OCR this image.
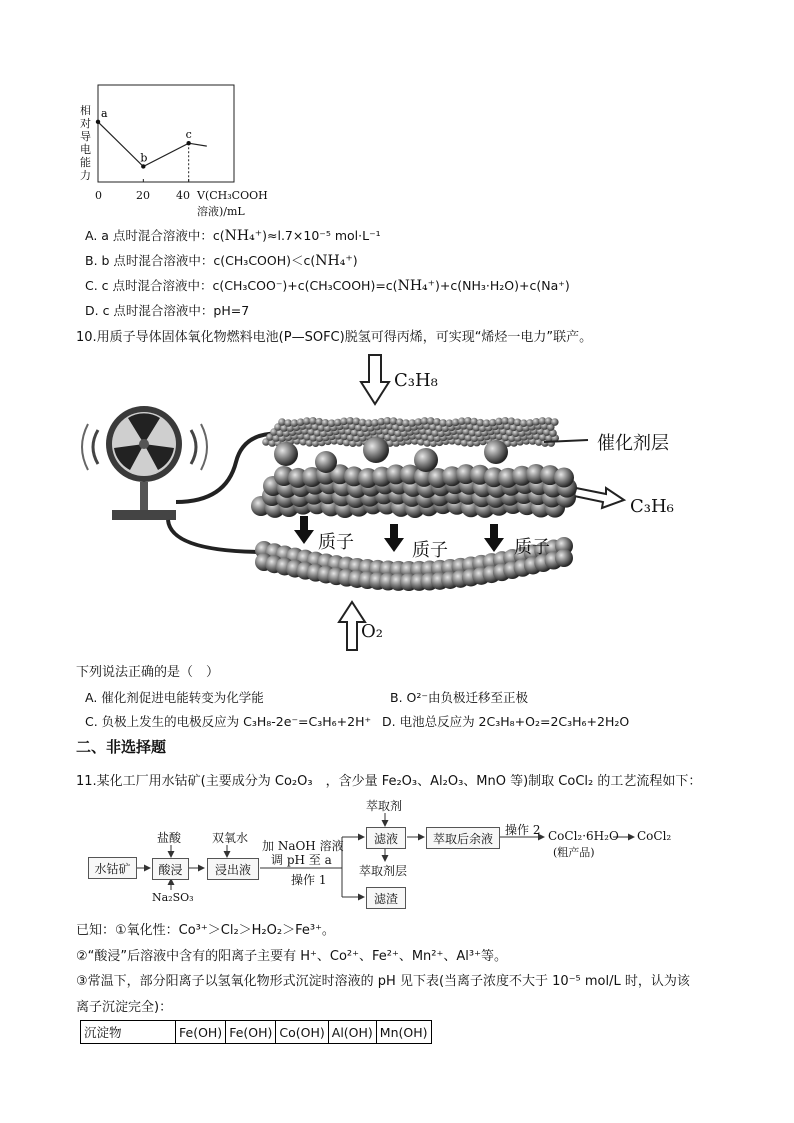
a
b
c
相
对
导
电
能
力
0	20 40 V(CH₃COOH
溶液)/mL
A. a 点时混合溶液中：c(NH₄⁺)≈l.7×10⁻⁵ mol·L⁻¹
B. b 点时混合溶液中：c(CH₃COOH)＜c(NH₄⁺)
C. c 点时混合溶液中：c(CH₃COO⁻)+c(CH₃COOH)=c(NH₄⁺)+c(NH₃·H₂O)+c(Na⁺)
D. c 点时混合溶液中：pH=7
10.用质子导体固体氧化物燃料电池(P—SOFC)脱氢可得丙烯，可实现“烯烃一电力”联产。
C₃H₈
催化剂层
C₃H₆
质子	质子	质子
O₂
下列说法正确的是（　）
A. 催化剂促进电能转变为化学能	B. O²⁻由负极迁移至正极
C. 负极上发生的电极反应为 C₃H₈-2e⁻=C₃H₆+2H⁺ D. 电池总反应为 2C₃H₈+O₂=2C₃H₆+2H₂O
二、非选择题
11.某化工厂用水钴矿(主要成分为 Co₂O₃　，含少量 Fe₂O₃、Al₂O₃、MnO 等)制取 CoCl₂ 的工艺流程如下：
水钴矿
盐酸
酸浸
Na₂SO₃
双氧水
浸出液
加 NaOH 溶液
调 pH 至 a
操作 1
萃取剂
滤液
萃取剂层
滤渣
萃取后余液
操作 2 CoCl₂·6H₂O
(粗产品)
CoCl₂
已知：①氧化性：Co³⁺＞Cl₂＞H₂O₂＞Fe³⁺。
②“酸浸”后溶液中含有的阳离子主要有 H⁺、Co²⁺、Fe²⁺、Mn²⁺、Al³⁺等。
③常温下，部分阳离子以氢氧化物形式沉淀时溶液的 pH 见下表(当离子浓度不大于 10⁻⁵ mol/L 时，认为该
离子沉淀完全)：
沉淀物	Fe(OH)	Fe(OH)	Co(OH)	Al(OH)	Mn(OH)
